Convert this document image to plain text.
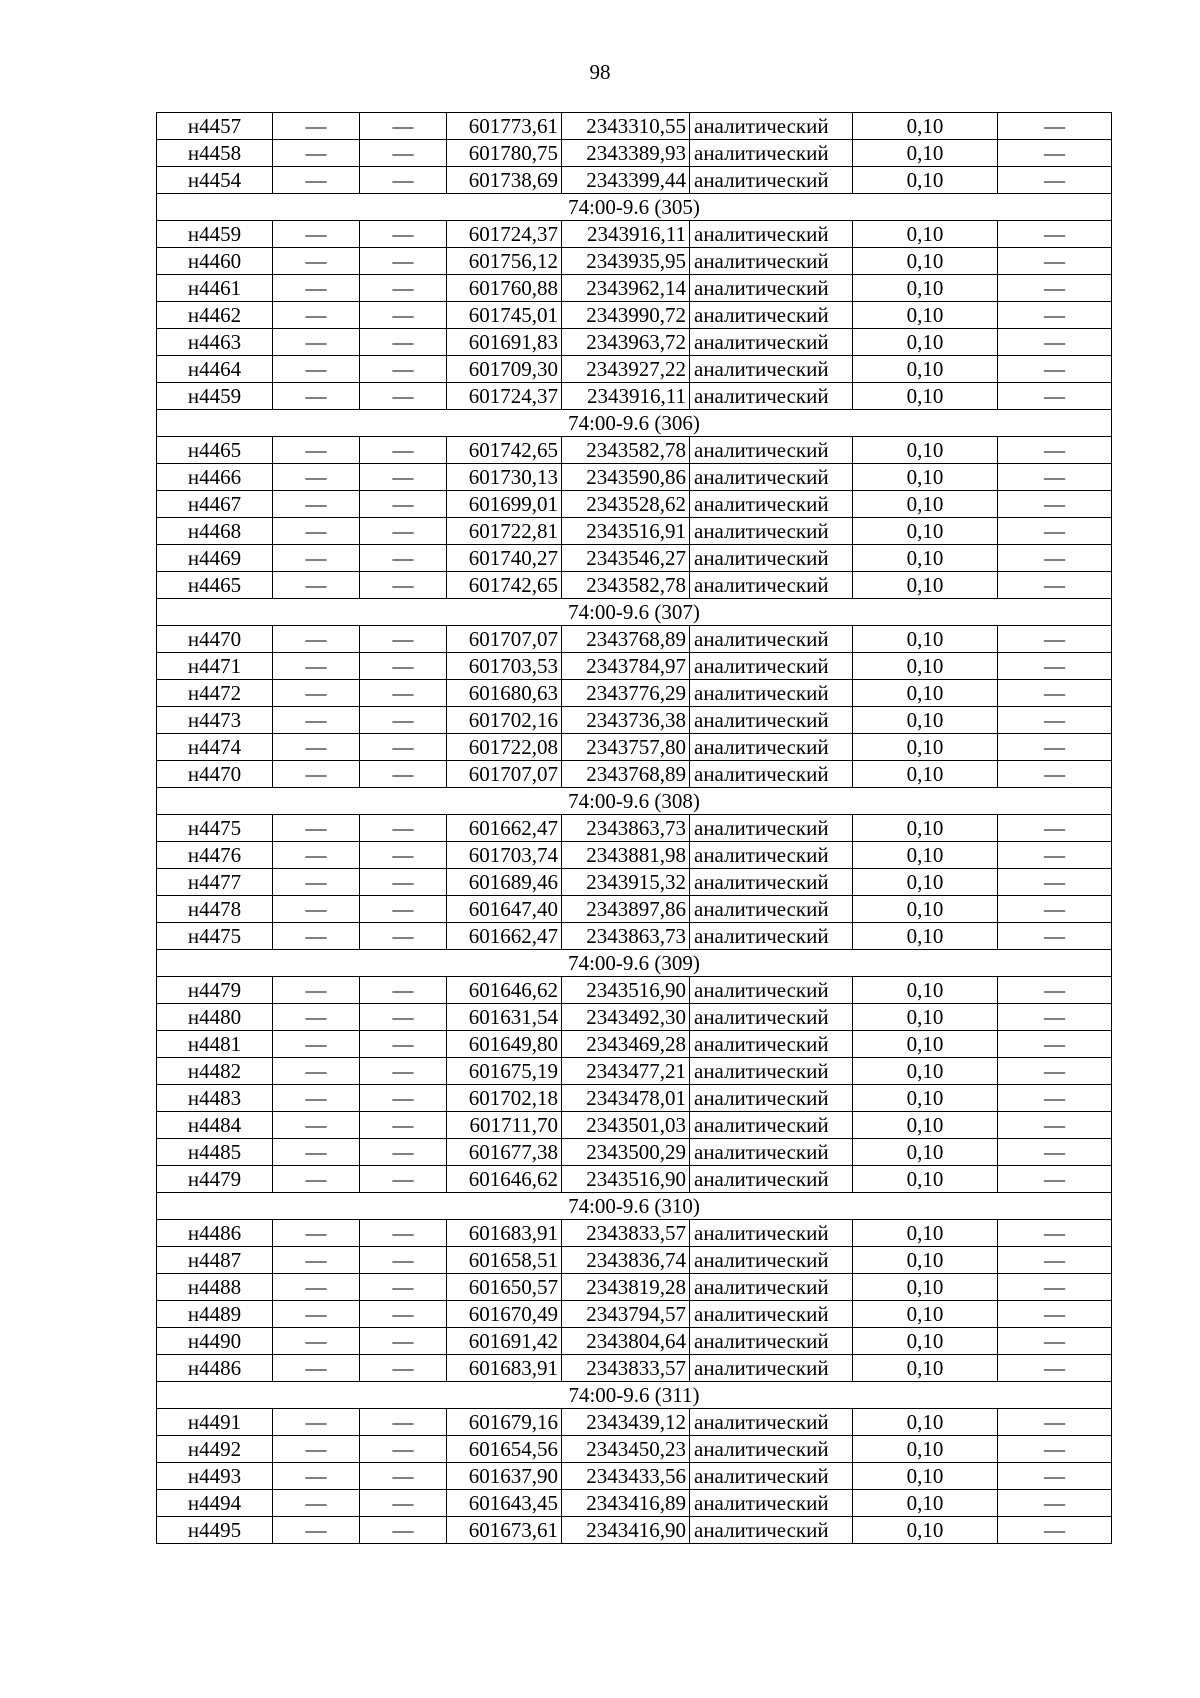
98
н4457	—	—	601773,61	2343310,55	аналитический	0,10	—
н4458	—	—	601780,75	2343389,93	аналитический	0,10	—
н4454	—	—	601738,69	2343399,44	аналитический	0,10	—
74:00-9.6 (305)							
н4459	—	—	601724,37	2343916,11	аналитический	0,10	—
н4460	—	—	601756,12	2343935,95	аналитический	0,10	—
н4461	—	—	601760,88	2343962,14	аналитический	0,10	—
н4462	—	—	601745,01	2343990,72	аналитический	0,10	—
н4463	—	—	601691,83	2343963,72	аналитический	0,10	—
н4464	—	—	601709,30	2343927,22	аналитический	0,10	—
н4459	—	—	601724,37	2343916,11	аналитический	0,10	—
74:00-9.6 (306)							
н4465	—	—	601742,65	2343582,78	аналитический	0,10	—
н4466	—	—	601730,13	2343590,86	аналитический	0,10	—
н4467	—	—	601699,01	2343528,62	аналитический	0,10	—
н4468	—	—	601722,81	2343516,91	аналитический	0,10	—
н4469	—	—	601740,27	2343546,27	аналитический	0,10	—
н4465	—	—	601742,65	2343582,78	аналитический	0,10	—
74:00-9.6 (307)							
н4470	—	—	601707,07	2343768,89	аналитический	0,10	—
н4471	—	—	601703,53	2343784,97	аналитический	0,10	—
н4472	—	—	601680,63	2343776,29	аналитический	0,10	—
н4473	—	—	601702,16	2343736,38	аналитический	0,10	—
н4474	—	—	601722,08	2343757,80	аналитический	0,10	—
н4470	—	—	601707,07	2343768,89	аналитический	0,10	—
74:00-9.6 (308)							
н4475	—	—	601662,47	2343863,73	аналитический	0,10	—
н4476	—	—	601703,74	2343881,98	аналитический	0,10	—
н4477	—	—	601689,46	2343915,32	аналитический	0,10	—
н4478	—	—	601647,40	2343897,86	аналитический	0,10	—
н4475	—	—	601662,47	2343863,73	аналитический	0,10	—
74:00-9.6 (309)							
н4479	—	—	601646,62	2343516,90	аналитический	0,10	—
н4480	—	—	601631,54	2343492,30	аналитический	0,10	—
н4481	—	—	601649,80	2343469,28	аналитический	0,10	—
н4482	—	—	601675,19	2343477,21	аналитический	0,10	—
н4483	—	—	601702,18	2343478,01	аналитический	0,10	—
н4484	—	—	601711,70	2343501,03	аналитический	0,10	—
н4485	—	—	601677,38	2343500,29	аналитический	0,10	—
н4479	—	—	601646,62	2343516,90	аналитический	0,10	—
74:00-9.6 (310)							
н4486	—	—	601683,91	2343833,57	аналитический	0,10	—
н4487	—	—	601658,51	2343836,74	аналитический	0,10	—
н4488	—	—	601650,57	2343819,28	аналитический	0,10	—
н4489	—	—	601670,49	2343794,57	аналитический	0,10	—
н4490	—	—	601691,42	2343804,64	аналитический	0,10	—
н4486	—	—	601683,91	2343833,57	аналитический	0,10	—
74:00-9.6 (311)							
н4491	—	—	601679,16	2343439,12	аналитический	0,10	—
н4492	—	—	601654,56	2343450,23	аналитический	0,10	—
н4493	—	—	601637,90	2343433,56	аналитический	0,10	—
н4494	—	—	601643,45	2343416,89	аналитический	0,10	—
н4495	—	—	601673,61	2343416,90	аналитический	0,10	—
